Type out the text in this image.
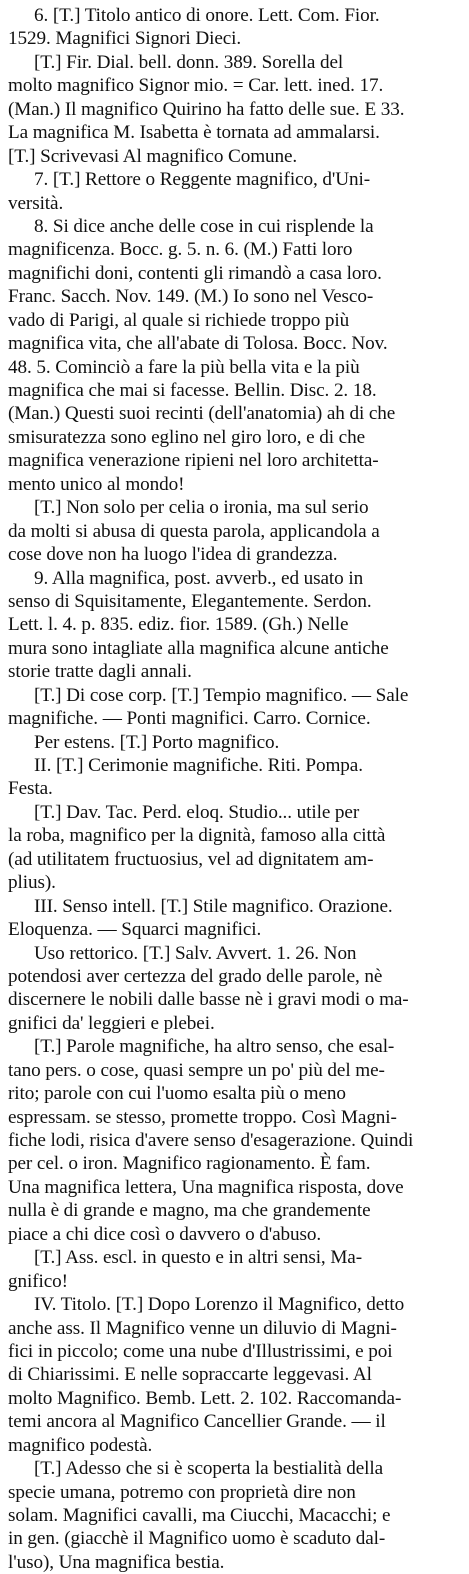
6. [T.] Titolo antico di onore. Lett. Com. Fior.
1529. Magnifici Signori Dieci.
[T.] Fir. Dial. bell. donn. 389. Sorella del
molto magnifico Signor mio. = Car. lett. ined. 17.
(Man.) Il magnifico Quirino ha fatto delle sue. E 33.
La magnifica M. Isabetta è tornata ad ammalarsi.
[T.] Scrivevasi Al magnifico Comune.
7. [T.] Rettore o Reggente magnifico, d'Uni-
versità.
8. Si dice anche delle cose in cui risplende la
magnificenza. Bocc. g. 5. n. 6. (M.) Fatti loro
magnifichi doni, contenti gli rimandò a casa loro.
Franc. Sacch. Nov. 149. (M.) Io sono nel Vesco-
vado di Parigi, al quale si richiede troppo più
magnifica vita, che all'abate di Tolosa. Bocc. Nov.
48. 5. Cominciò a fare la più bella vita e la più
magnifica che mai si facesse. Bellin. Disc. 2. 18.
(Man.) Questi suoi recinti (dell'anatomia) ah di che
smisuratezza sono eglino nel giro loro, e di che
magnifica venerazione ripieni nel loro architetta-
mento unico al mondo!
[T.] Non solo per celia o ironia, ma sul serio
da molti si abusa di questa parola, applicandola a
cose dove non ha luogo l'idea di grandezza.
9. Alla magnifica, post. avverb., ed usato in
senso di Squisitamente, Elegantemente. Serdon.
Lett. l. 4. p. 835. ediz. fior. 1589. (Gh.) Nelle
mura sono intagliate alla magnifica alcune antiche
storie tratte dagli annali.
[T.] Di cose corp. [T.] Tempio magnifico. — Sale
magnifiche. — Ponti magnifici. Carro. Cornice.
Per estens. [T.] Porto magnifico.
II. [T.] Cerimonie magnifiche. Riti. Pompa.
Festa.
[T.] Dav. Tac. Perd. eloq. Studio... utile per
la roba, magnifico per la dignità, famoso alla città
(ad utilitatem fructuosius, vel ad dignitatem am-
plius).
III. Senso intell. [T.] Stile magnifico. Orazione.
Eloquenza. — Squarci magnifici.
Uso rettorico. [T.] Salv. Avvert. 1. 26. Non
potendosi aver certezza del grado delle parole, nè
discernere le nobili dalle basse nè i gravi modi o ma-
gnifici da' leggieri e plebei.
[T.] Parole magnifiche, ha altro senso, che esal-
tano pers. o cose, quasi sempre un po' più del me-
rito; parole con cui l'uomo esalta più o meno
espressam. se stesso, promette troppo. Così Magni-
fiche lodi, risica d'avere senso d'esagerazione. Quindi
per cel. o iron. Magnifico ragionamento. È fam.
Una magnifica lettera, Una magnifica risposta, dove
nulla è di grande e magno, ma che grandemente
piace a chi dice così o davvero o d'abuso.
[T.] Ass. escl. in questo e in altri sensi, Ma-
gnifico!
IV. Titolo. [T.] Dopo Lorenzo il Magnifico, detto
anche ass. Il Magnifico venne un diluvio di Magni-
fici in piccolo; come una nube d'Illustrissimi, e poi
di Chiarissimi. E nelle sopraccarte leggevasi. Al
molto Magnifico. Bemb. Lett. 2. 102. Raccomanda-
temi ancora al Magnifico Cancellier Grande. — il
magnifico podestà.
[T.] Adesso che si è scoperta la bestialità della
specie umana, potremo con proprietà dire non
solam. Magnifici cavalli, ma Ciucchi, Macacchi; e
in gen. (giacchè il Magnifico uomo è scaduto dal-
l'uso), Una magnifica bestia.
